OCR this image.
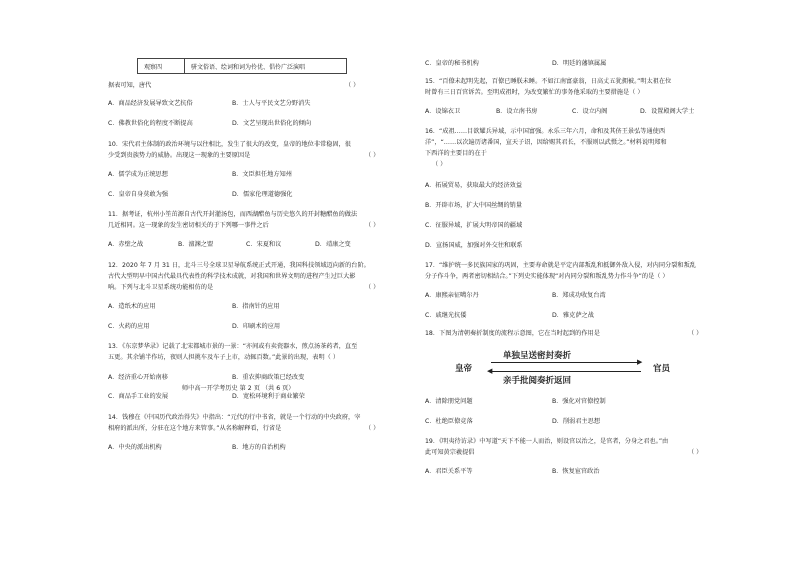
观察四	骈文俗语、绘词和词为伶优、倡伶广泛演唱
据表可知，唐代	（ ）
A．商品经济发展导致文艺抗俗	B．士人与平民文艺分野消失
C．佛教世俗化的程度不断提高	D．文艺呈现出世俗化的倾向
10．宋代君主体制的政治环境与以往相比，发生了很大的改变，皇帝的地位非常稳固，很
少受到贵族势力的威胁。出现这一现象的主要原因是	（ ）
A．儒学成为正统思想	B．文臣担任地方知州
C．皇帝自身莫敢为强	D．儒家伦理道德强化
11．据考证，杭州小笙茁源自古代开封灌汤包，而西湖醋鱼与历史悠久的开封糖醋鱼的做法
几近相同。这一现象的发生密切相关的于下列哪一事件之后	（ ）
A．赤壁之战	B．澶渊之盟	C．宋夏和议	D．靖康之变
12．2020 年 7 月 31 日，北斗三号全球卫星导航系统正式开通，我国科技领域迈向新的台阶。
古代大型明早中国古代最具代表性的科学技术成就，对我国和世界文明的进程产生过巨大影
响。下列与北斗卫星系统功能相仿的是	（ ）
A．造纸术的应用	B．指南针的应用
C．火药的应用	D．印刷术的应用
13．《东京梦华录》记载了北宋都城市景的一景：“亦间或有卖瓷器水，煎点汤茶药者，直至
五更。其余铺半作坊，夜则人担挑车及车子上市，动辄百数。”此景的出现，表明（ ）
A．经济重心开始南移	B．重农抑商政策已经改变
师中高一开学考历史 第 2 页 （共 6 页）
C．商品手工业的发展	D．宽松环境利于商业繁荣
14．钱穆在《中国历代政治得失》中指出：“元代的行中书省，就是一个行动的中央政府，宰
相府的派出所，分驻在这个地方来管事。”从名称解释看，行省是	（ ）
A．中央的派出机构	B．地方的自治机构
C．皇帝的秘书机构	D．明廷的藩镇属属
15．“百僚未起明先起，百僚已睡朕未睡。不如江南富豪翁，日高丈五犹拥被。”明太祖在位
时曾有三日百官诉苦。至明成祖时，为改变繁忙的事务他采取的主要措施是（ ）
A．设锦衣卫	B．设立南书房	C．设立内阁	D．设置殿阁大学士
16．“成祖……目欲耀兵异域，示中国富强。永乐三年六月，命和及其侪王景弘等通使西
洋”，“……以次遍历诸番国，宣天子诏，因给赐其君长，不服则以武慑之。”材料说明郑和
下西洋的主要目的在于
（ ）
A．拓展贸易，获取最大的经济效益
B．开辟市场，扩大中国丝绸的销量
C．征服异域，扩展大明帝国的疆域
D．宣扬国威，加强对外交往和联系
17．“维护统一多民族国家的巩固，主要寿命就是平定内部叛乱和抵御外敌入侵，对内同分裂和叛乱
分子作斗争，两者密切相结合。”下列史实能体现“对内同分裂和叛乱势力作斗争”的是（ ）
A．康熙亲征噶尔丹	B．郑成功收复台湾
C．戚继光抗倭	D．雅克萨之战
18．下图为清朝奏折制度的流程示意图，它在当时起到的作用是	（ ）
皇帝
单独呈送密封奏折
▶
◀
亲手批阅奏折返回
官员
A．清除朋党问题	B．强化对官僚控制
C．杜绝臣僚竞落	D．削弱君主思想
19．《明夷待访录》中写道“天下不能一人而治，则设官以治之，是官者，分身之君也。”由
此可知黄宗羲提倡	（ ）
A．君臣关系平等	B．恢复宦官政治
